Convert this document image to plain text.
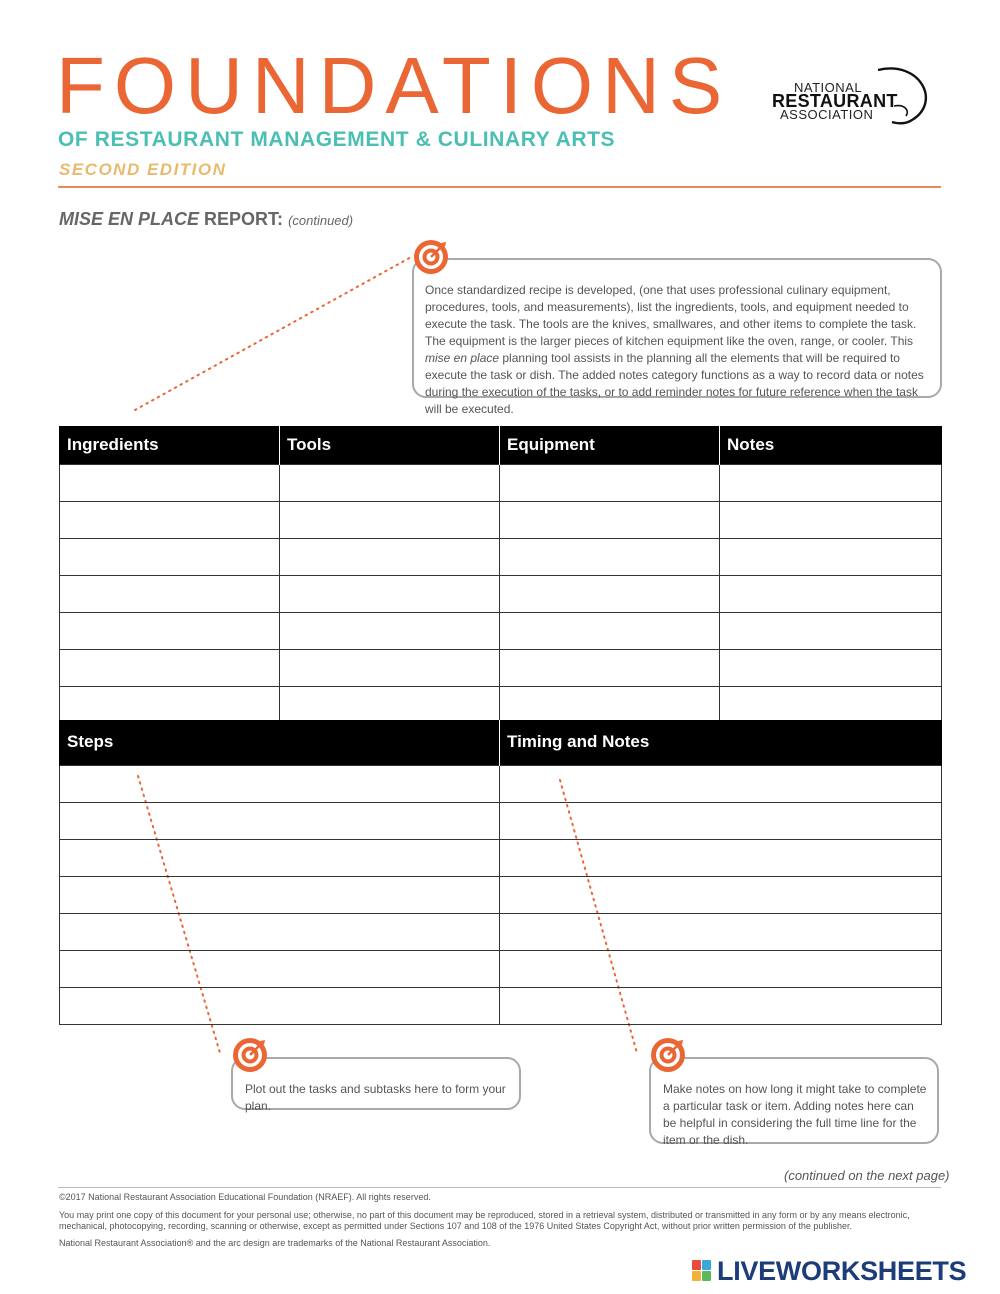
FOUNDATIONS
OF RESTAURANT MANAGEMENT & CULINARY ARTS
SECOND EDITION
NATIONAL
RESTAURANT
ASSOCIATION
MISE EN PLACE REPORT: (continued)

Once standardized recipe is developed, (one that uses professional culinary equipment, procedures, tools, and measurements), list the ingredients, tools, and equipment needed to execute the task. The tools are the knives, smallwares, and other items to complete the task. The equipment is the larger pieces of kitchen equipment like the oven, range, or cooler. This mise en place planning tool assists in the planning all the elements that will be required to execute the task or dish. The added notes category functions as a way to record data or notes during the execution of the tasks, or to add reminder notes for future reference when the task will be executed.

Ingredients	Tools	Equipment	Notes

Steps	Timing and Notes

Plot out the tasks and subtasks here to form your plan.

Make notes on how long it might take to complete a particular task or item. Adding notes here can be helpful in considering the full time line for the item or the dish.

(continued on the next page)
©2017 National Restaurant Association Educational Foundation (NRAEF). All rights reserved.
You may print one copy of this document for your personal use; otherwise, no part of this document may be reproduced, stored in a retrieval system, distributed or transmitted in any form or by any means electronic, mechanical, photocopying, recording, scanning or otherwise, except as permitted under Sections 107 and 108 of the 1976 United States Copyright Act, without prior written permission of the publisher.
National Restaurant Association® and the arc design are trademarks of the National Restaurant Association.
LIVEWORKSHEETS
